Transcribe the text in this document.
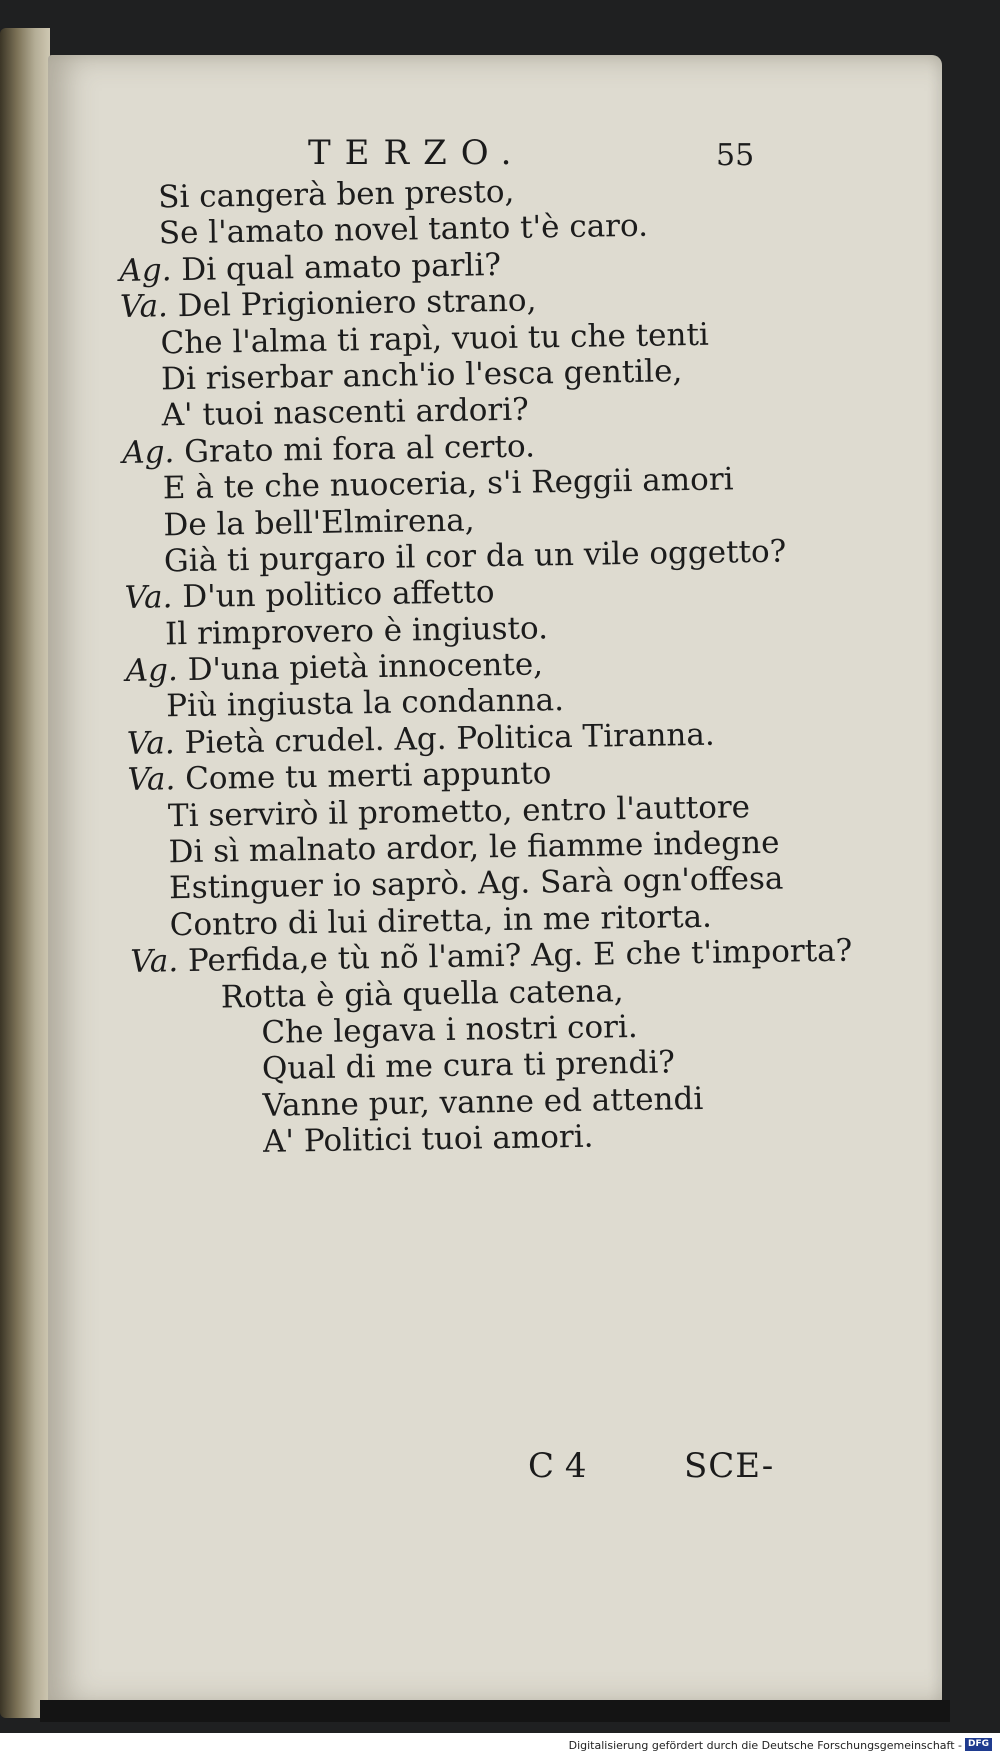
TERZO.	55
Si cangerà ben presto,
Se l'amato novel tanto t'è caro.
Ag. Di qual amato parli?
Va. Del Prigioniero strano,
Che l'alma ti rapì, vuoi tu che tenti
Di riserbar anch'io l'esca gentile,
A' tuoi nascenti ardori?
Ag. Grato mi fora al certo.
E à te che nuoceria, s'i Reggii amori
De la bell'Elmirena,
Già ti purgaro il cor da un vile oggetto?
Va. D'un politico affetto
Il rimprovero è ingiusto.
Ag. D'una pietà innocente,
Più ingiusta la condanna.
Va. Pietà crudel. Ag. Politica Tiranna.
Va. Come tu merti appunto
Ti servirò il prometto, entro l'auttore
Di sì malnato ardor, le fiamme indegne
Estinguer io saprò. Ag. Sarà ogn'offesa
Contro di lui diretta, in me ritorta.
Va. Perfida,e tù nõ l'ami? Ag. E che t'importa?
Rotta è già quella catena,
Che legava i nostri cori.
Qual di me cura ti prendi?
Vanne pur, vanne ed attendi
A' Politici tuoi amori.
C 4	SCE-
Digitalisierung gefördert durch die Deutsche Forschungsgemeinschaft - DFG
